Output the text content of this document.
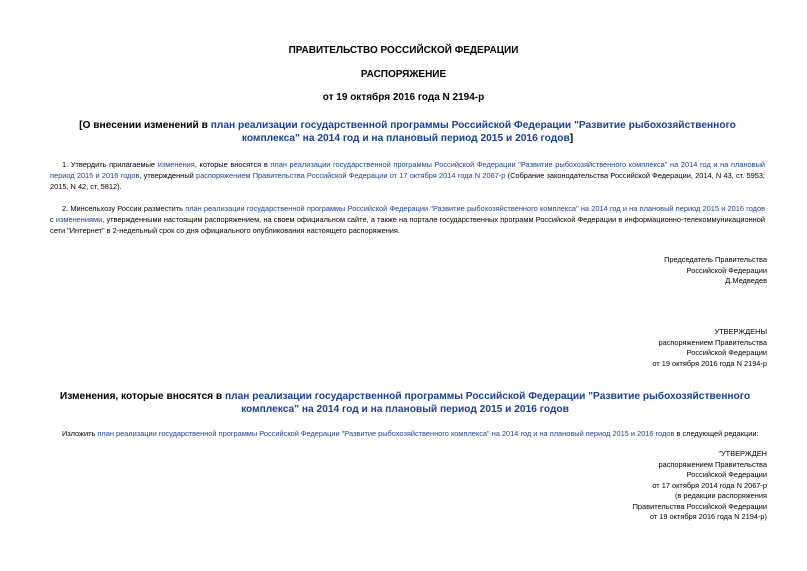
ПРАВИТЕЛЬСТВО РОССИЙСКОЙ ФЕДЕРАЦИИ
РАСПОРЯЖЕНИЕ
от 19 октября 2016 года N 2194-р
[О внесении изменений в план реализации государственной программы Российской Федерации "Развитие рыбохозяйственного комплекса" на 2014 год и на плановый период 2015 и 2016 годов]
1. Утвердить прилагаемые изменения, которые вносятся в план реализации государственной программы Российской Федерации "Развитие рыбохозяйственного комплекса" на 2014 год и на плановый период 2015 и 2016 годов, утвержденный распоряжением Правительства Российской Федерации от 17 октября 2014 года N 2067-р (Собрание законодательства Российской Федерации, 2014, N 43, ст. 5953; 2015, N 42, ст. 5812).
2. Минсельхозу России разместить план реализации государственной программы Российской Федерации "Развитие рыбохозяйственного комплекса" на 2014 год и на плановый период 2015 и 2016 годов с изменениями, утвержденными настоящим распоряжением, на своем официальном сайте, а также на портале государственных программ Российской Федерации в информационно-телекоммуникационной сети "Интернет" в 2-недельный срок со дня официального опубликования настоящего распоряжения.
Председатель Правительства
Российской Федерации
Д.Медведев
УТВЕРЖДЕНЫ
распоряжением Правительства
Российской Федерации
от 19 октября 2016 года N 2194-р
Изменения, которые вносятся в план реализации государственной программы Российской Федерации "Развитие рыбохозяйственного комплекса" на 2014 год и на плановый период 2015 и 2016 годов
Изложить план реализации государственной программы Российской Федерации "Развитие рыбохозяйственного комплекса" на 2014 год и на плановый период 2015 и 2016 годов в следующей редакции:
"УТВЕРЖДЕН
распоряжением Правительства
Российской Федерации
от 17 октября 2014 года N 2067-р
(в редакции распоряжения
Правительства Российской Федерации
от 19 октября 2016 года N 2194-р)
